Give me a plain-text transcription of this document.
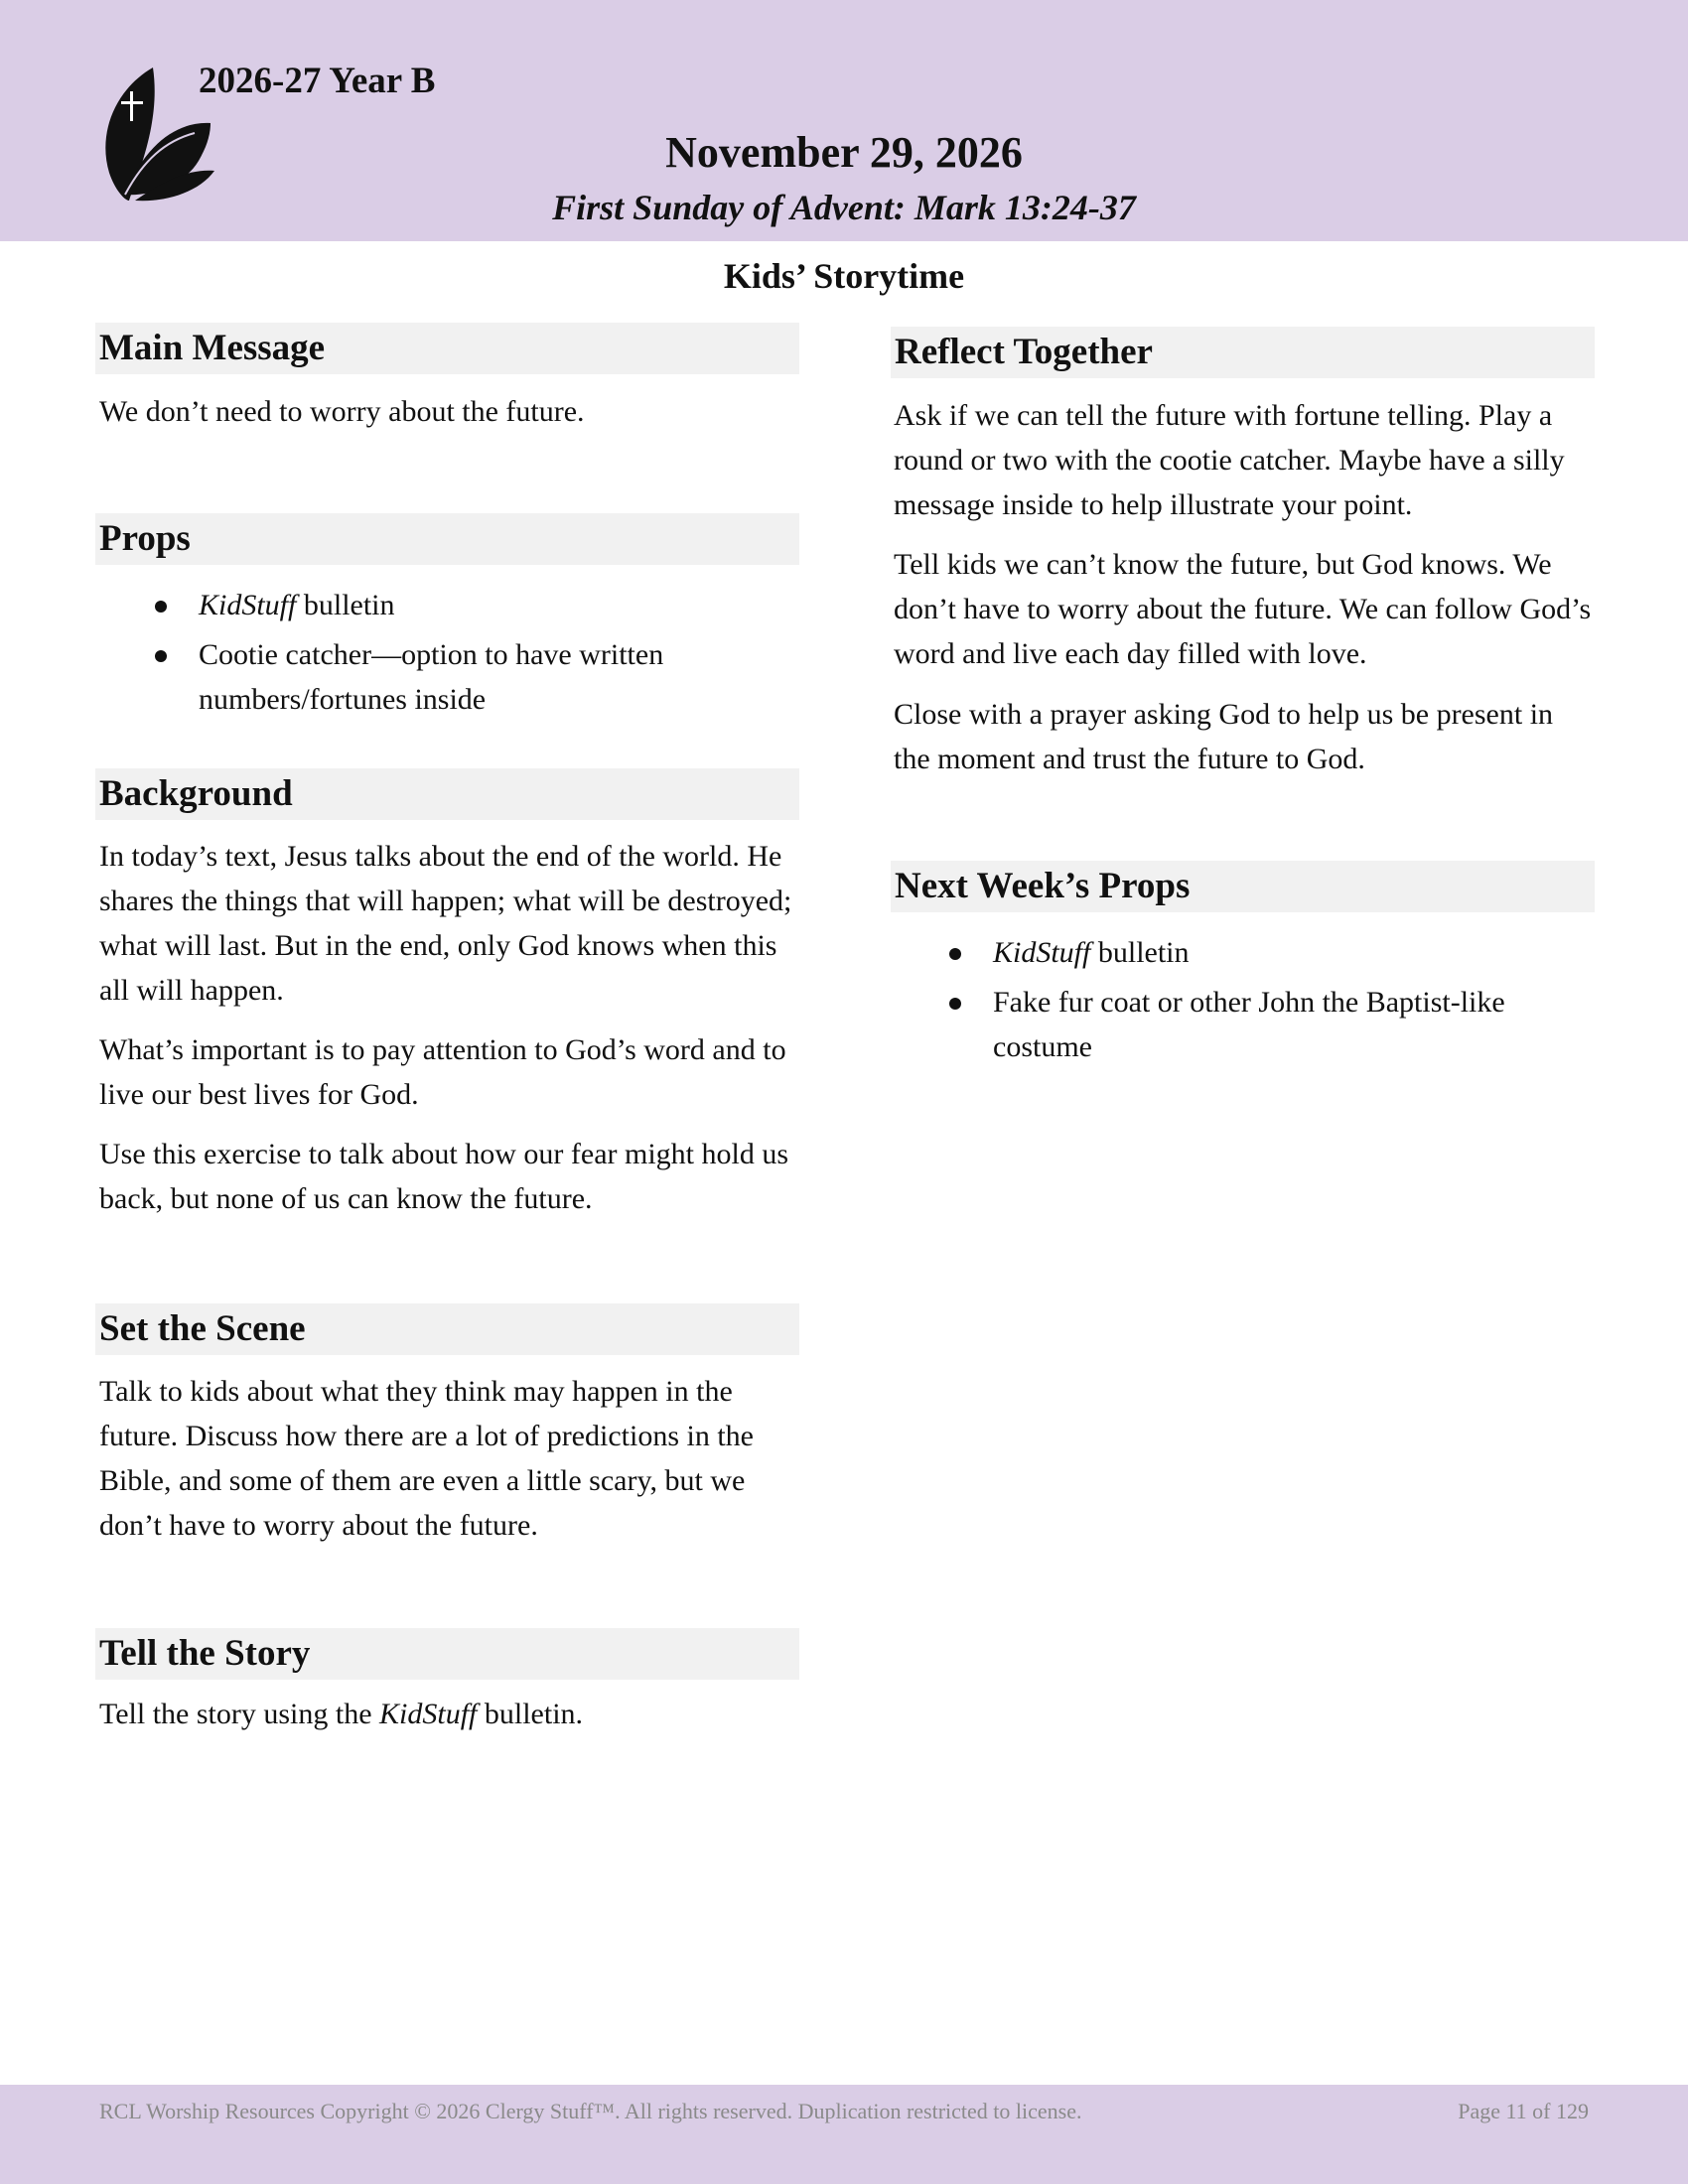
2026-27 Year B
November 29, 2026
First Sunday of Advent: Mark 13:24-37
Kids’ Storytime
Main Message
We don’t need to worry about the future.
Props
KidStuff bulletin
Cootie catcher—option to have written numbers/fortunes inside
Background
In today’s text, Jesus talks about the end of the world. He shares the things that will happen; what will be destroyed; what will last. But in the end, only God knows when this all will happen.
What’s important is to pay attention to God’s word and to live our best lives for God.
Use this exercise to talk about how our fear might hold us back, but none of us can know the future.
Set the Scene
Talk to kids about what they think may happen in the future. Discuss how there are a lot of predictions in the Bible, and some of them are even a little scary, but we don’t have to worry about the future.
Tell the Story
Tell the story using the KidStuff bulletin.
Reflect Together
Ask if we can tell the future with fortune telling. Play a round or two with the cootie catcher. Maybe have a silly message inside to help illustrate your point.
Tell kids we can’t know the future, but God knows. We don’t have to worry about the future. We can follow God’s word and live each day filled with love.
Close with a prayer asking God to help us be present in the moment and trust the future to God.
Next Week’s Props
KidStuff bulletin
Fake fur coat or other John the Baptist-like costume
RCL Worship Resources Copyright © 2026 Clergy Stuff™. All rights reserved. Duplication restricted to license.	Page 11 of 129
